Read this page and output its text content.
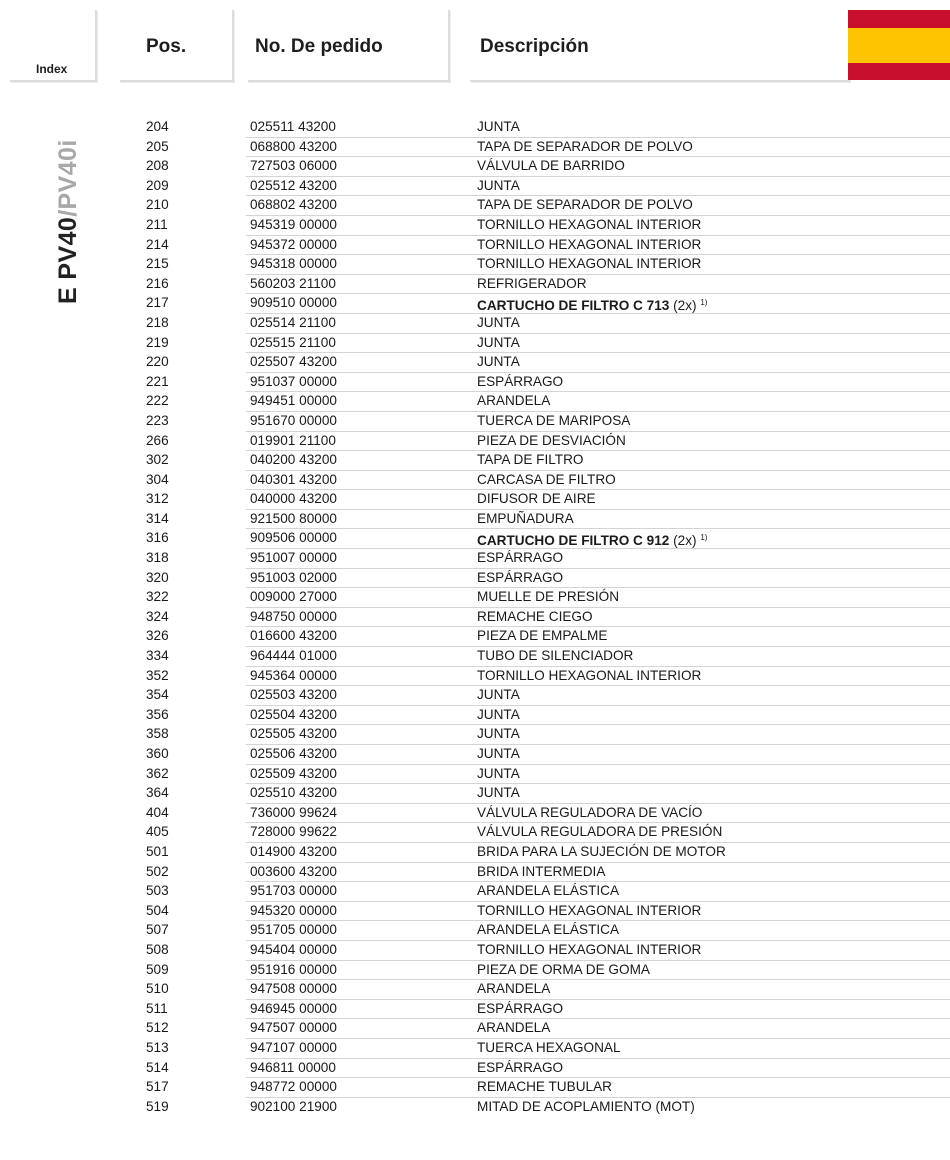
Index
Pos.	No. De pedido	Descripción
E PV40/PV40i
204	025511 43200	JUNTA
205	068800 43200	TAPA DE SEPARADOR DE POLVO
208	727503 06000	VÁLVULA DE BARRIDO
209	025512 43200	JUNTA
210	068802 43200	TAPA DE SEPARADOR DE POLVO
211	945319 00000	TORNILLO HEXAGONAL INTERIOR
214	945372 00000	TORNILLO HEXAGONAL INTERIOR
215	945318 00000	TORNILLO HEXAGONAL INTERIOR
216	560203 21100	REFRIGERADOR
217	909510 00000	CARTUCHO DE FILTRO C 713 (2x) $^{1)}$
218	025514 21100	JUNTA
219	025515 21100	JUNTA
220	025507 43200	JUNTA
221	951037 00000	ESPÁRRAGO
222	949451 00000	ARANDELA
223	951670 00000	TUERCA DE MARIPOSA
266	019901 21100	PIEZA DE DESVIACIÓN
302	040200 43200	TAPA DE FILTRO
304	040301 43200	CARCASA DE FILTRO
312	040000 43200	DIFUSOR DE AIRE
314	921500 80000	EMPUÑADURA
316	909506 00000	CARTUCHO DE FILTRO C 912 (2x) $^{1)}$
318	951007 00000	ESPÁRRAGO
320	951003 02000	ESPÁRRAGO
322	009000 27000	MUELLE DE PRESIÓN
324	948750 00000	REMACHE CIEGO
326	016600 43200	PIEZA DE EMPALME
334	964444 01000	TUBO DE SILENCIADOR
352	945364 00000	TORNILLO HEXAGONAL INTERIOR
354	025503 43200	JUNTA
356	025504 43200	JUNTA
358	025505 43200	JUNTA
360	025506 43200	JUNTA
362	025509 43200	JUNTA
364	025510 43200	JUNTA
404	736000 99624	VÁLVULA REGULADORA DE VACÍO
405	728000 99622	VÁLVULA REGULADORA DE PRESIÓN
501	014900 43200	BRIDA PARA LA SUJECIÓN DE MOTOR
502	003600 43200	BRIDA INTERMEDIA
503	951703 00000	ARANDELA ELÁSTICA
504	945320 00000	TORNILLO HEXAGONAL INTERIOR
507	951705 00000	ARANDELA ELÁSTICA
508	945404 00000	TORNILLO HEXAGONAL INTERIOR
509	951916 00000	PIEZA DE ORMA DE GOMA
510	947508 00000	ARANDELA
511	946945 00000	ESPÁRRAGO
512	947507 00000	ARANDELA
513	947107 00000	TUERCA HEXAGONAL
514	946811 00000	ESPÁRRAGO
517	948772 00000	REMACHE TUBULAR
519	902100 21900	MITAD DE ACOPLAMIENTO (MOT)
